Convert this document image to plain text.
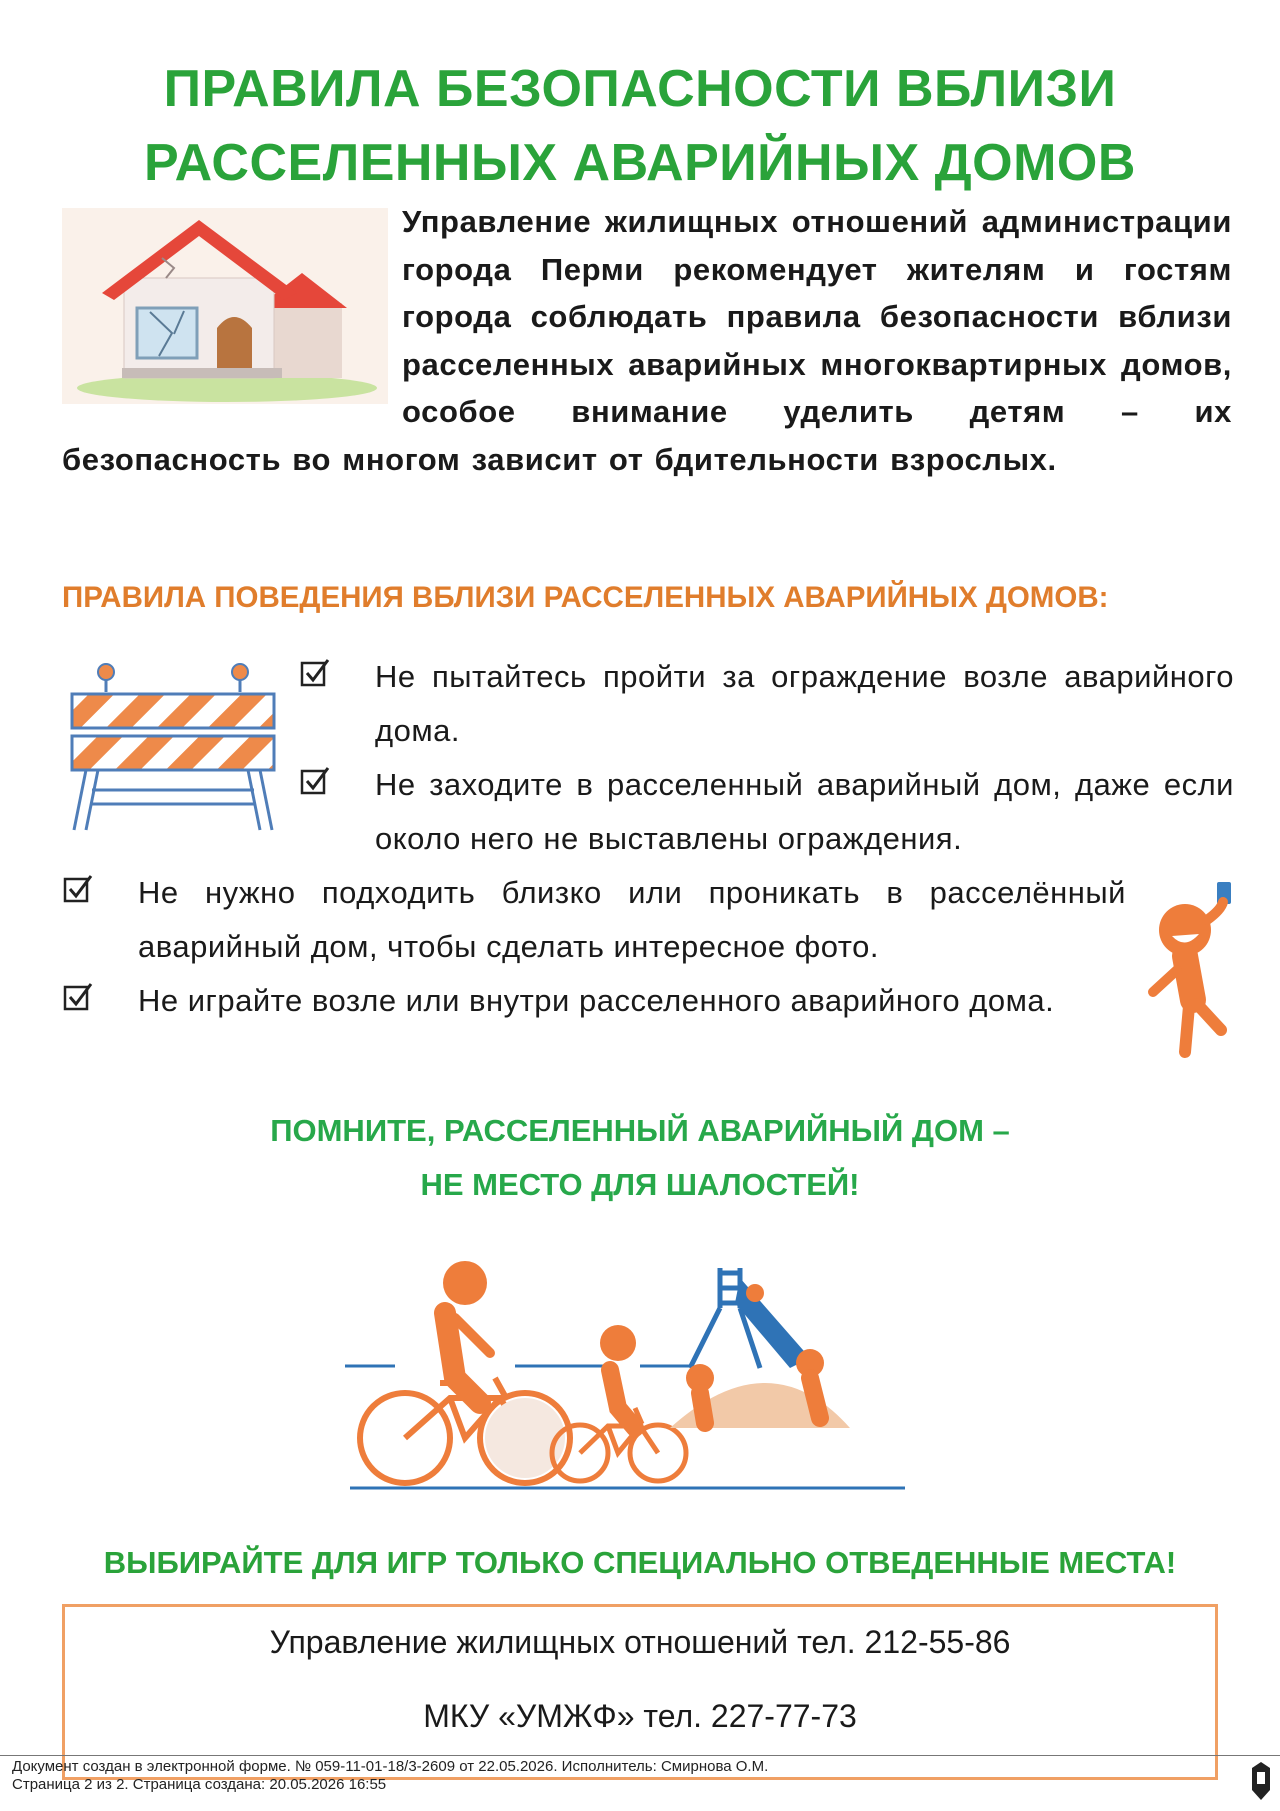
ПРАВИЛА БЕЗОПАСНОСТИ ВБЛИЗИ
РАССЕЛЕННЫХ АВАРИЙНЫХ ДОМОВ
Управление жилищных отношений администрации города Перми рекомендует жителям и гостям города соблюдать правила безопасности вблизи расселенных аварийных многоквартирных домов, особое внимание уделить детям – их безопасность во многом зависит от бдительности взрослых.
ПРАВИЛА ПОВЕДЕНИЯ ВБЛИЗИ РАССЕЛЕННЫХ АВАРИЙНЫХ ДОМОВ:
Не пытайтесь пройти за ограждение возле аварийного дома.
Не заходите в расселенный аварийный дом, даже если около него не выставлены ограждения.
Не нужно подходить близко или проникать в расселённый аварийный дом, чтобы сделать интересное фото.
Не играйте возле или внутри расселенного аварийного дома.
ПОМНИТЕ, РАССЕЛЕННЫЙ АВАРИЙНЫЙ ДОМ –
НЕ МЕСТО ДЛЯ ШАЛОСТЕЙ!
ВЫБИРАЙТЕ ДЛЯ ИГР ТОЛЬКО СПЕЦИАЛЬНО ОТВЕДЕННЫЕ МЕСТА!
Управление жилищных отношений тел. 212-55-86
МКУ «УМЖФ» тел. 227-77-73
Документ создан в электронной форме. № 059-11-01-18/3-2609 от 22.05.2026. Исполнитель: Смирнова О.М.
Страница 2 из 2. Страница создана: 20.05.2026 16:55
